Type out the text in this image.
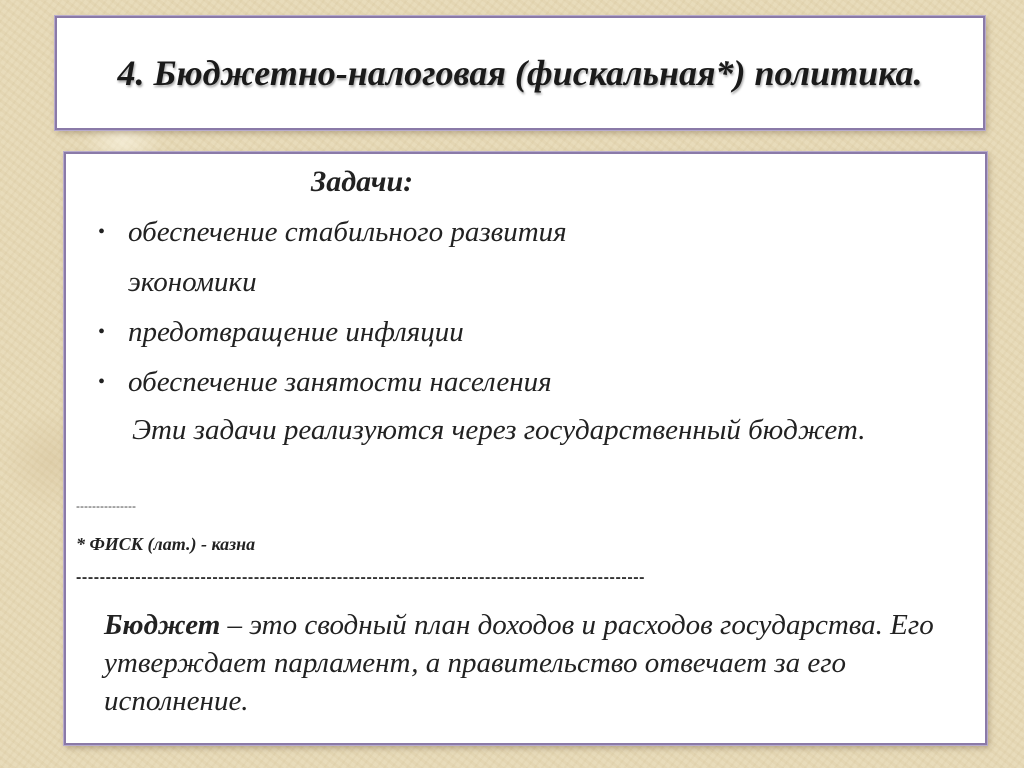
4. Бюджетно-налоговая (фискальная*) политика.

Задачи:

• обеспечение стабильного развития

экономики

• предотвращение инфляции

• обеспечение занятости населения

Эти задачи реализуются через государственный бюджет.

---------------

* ФИСК (лат.) - казна

------------------------------------------------------------------------------------------------

Бюджет – это сводный план доходов и расходов государства. Его утверждает парламент, а правительство отвечает за его исполнение.
